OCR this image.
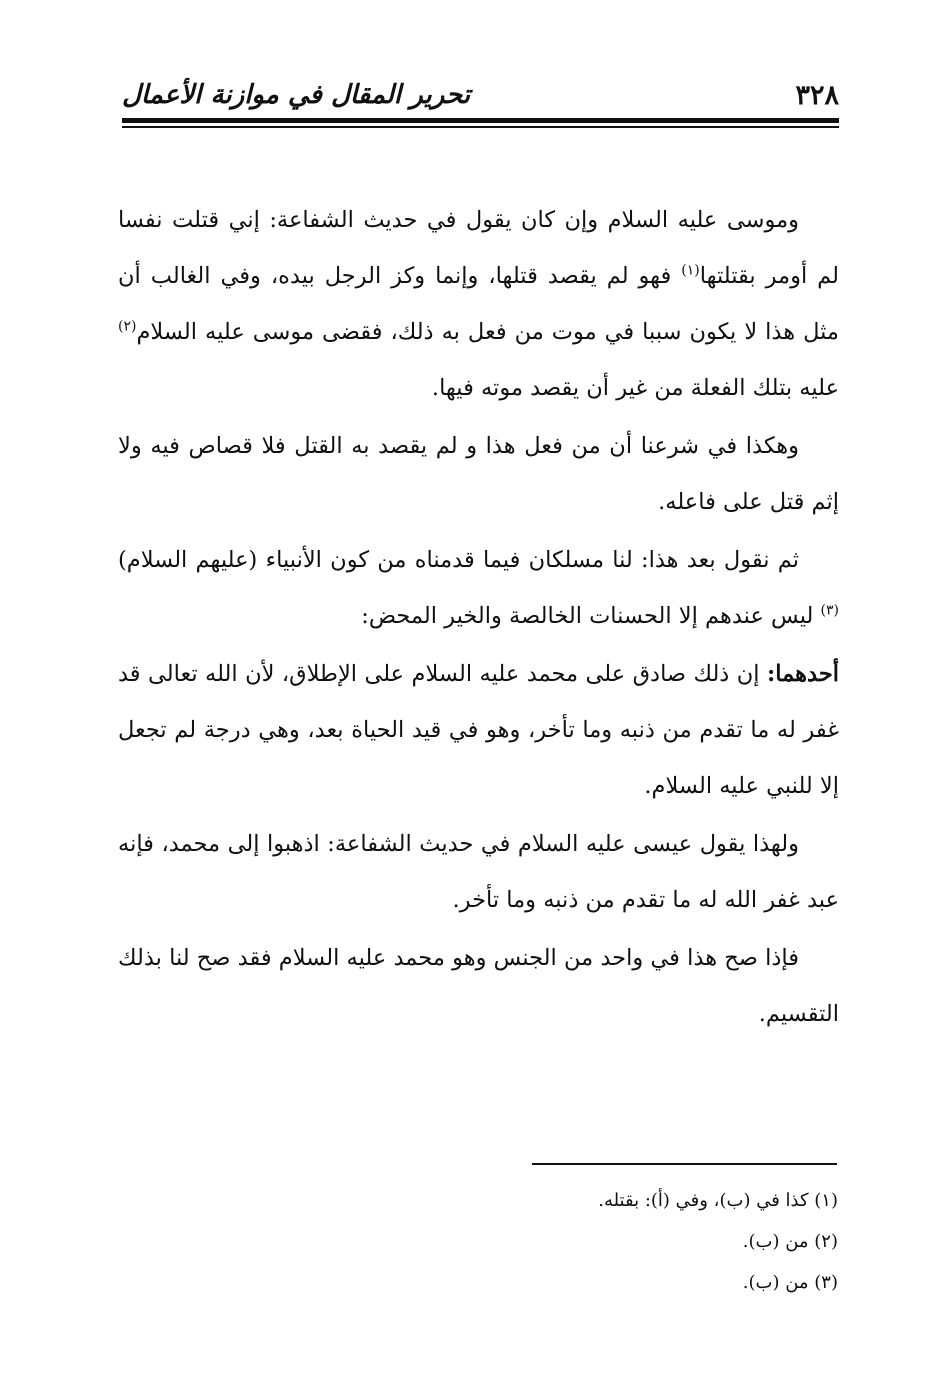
٣٢٨
تحرير المقال في موازنة الأعمال

وموسى عليه السلام وإن كان يقول في حديث الشفاعة: إني قتلت نفسا لم أومر بقتلتها$^{(١)}$ فهو لم يقصد قتلها، وإنما وكز الرجل بيده، وفي الغالب أن مثل هذا لا يكون سببا في موت من فعل به ذلك، فقضى موسى عليه السلام$^{(٢)}$ عليه بتلك الفعلة من غير أن يقصد موته فيها.

وهكذا في شرعنا أن من فعل هذا و لم يقصد به القتل فلا قصاص فيه ولا إثم قتل على فاعله.

ثم نقول بعد هذا: لنا مسلكان فيما قدمناه من كون الأنبياء (عليهم السلام)$^{(٣)}$ ليس عندهم إلا الحسنات الخالصة والخير المحض:

أحدهما: إن ذلك صادق على محمد عليه السلام على الإطلاق، لأن الله تعالى قد غفر له ما تقدم من ذنبه وما تأخر، وهو في قيد الحياة بعد، وهي درجة لم تجعل إلا للنبي عليه السلام.

ولهذا يقول عيسى عليه السلام في حديث الشفاعة: اذهبوا إلى محمد، فإنه عبد غفر الله له ما تقدم من ذنبه وما تأخر.

فإذا صح هذا في واحد من الجنس وهو محمد عليه السلام فقد صح لنا بذلك التقسيم.

(١) كذا في (ب)، وفي (أ): بقتله.
(٢) من (ب).
(٣) من (ب).
